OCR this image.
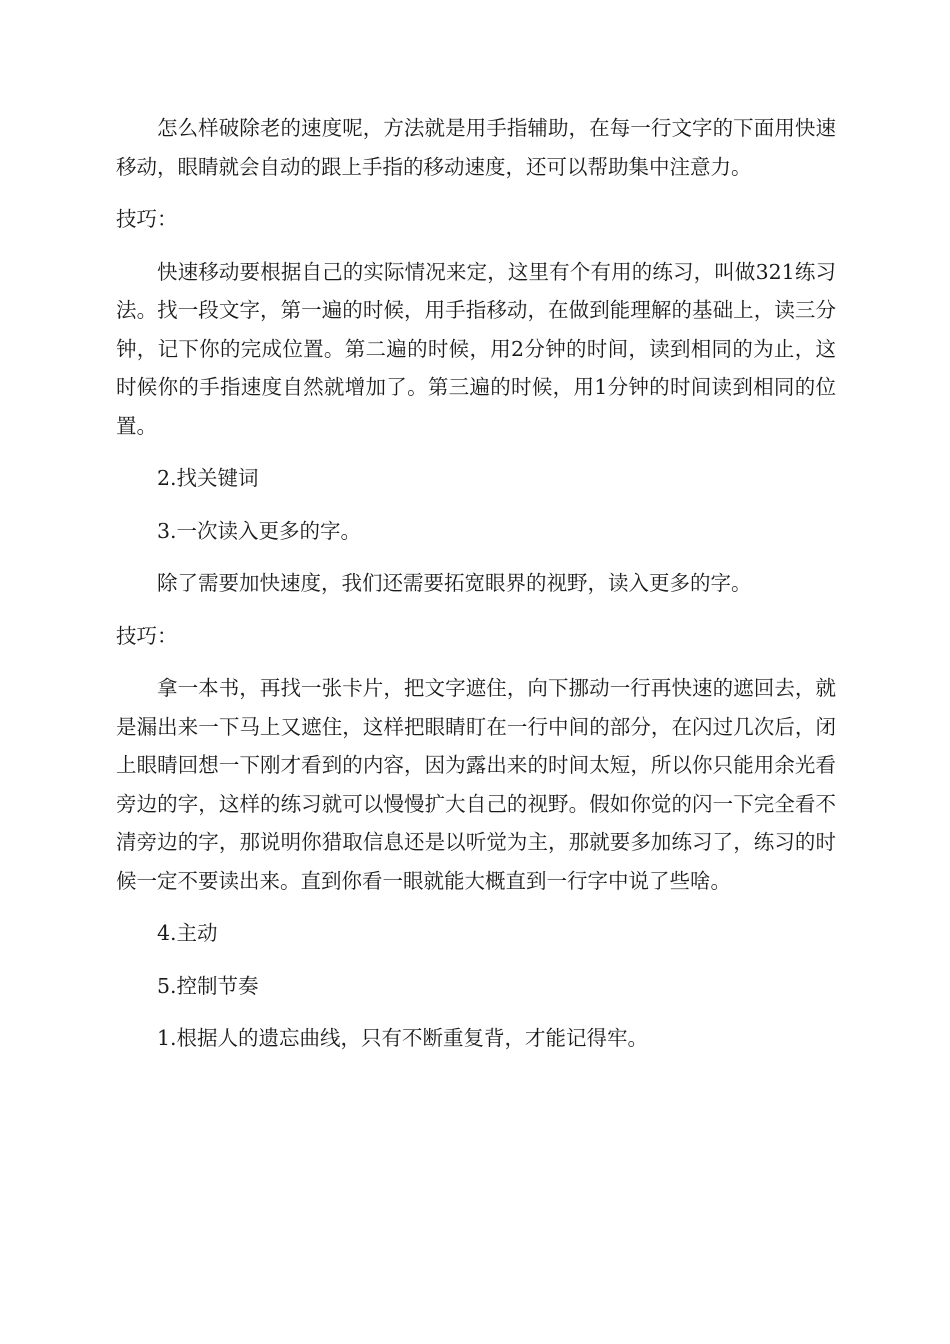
怎么样破除老的速度呢，方法就是用手指辅助，在每一行文字的下面用快速移动，眼睛就会自动的跟上手指的移动速度，还可以帮助集中注意力。

技巧：

快速移动要根据自己的实际情况来定，这里有个有用的练习，叫做321练习法。找一段文字，第一遍的时候，用手指移动，在做到能理解的基础上，读三分钟，记下你的完成位置。第二遍的时候，用2分钟的时间，读到相同的为止，这时候你的手指速度自然就增加了。第三遍的时候，用1分钟的时间读到相同的位置。

2.找关键词

3.一次读入更多的字。

除了需要加快速度，我们还需要拓宽眼界的视野，读入更多的字。

技巧：

拿一本书，再找一张卡片，把文字遮住，向下挪动一行再快速的遮回去，就是漏出来一下马上又遮住，这样把眼睛盯在一行中间的部分，在闪过几次后，闭上眼睛回想一下刚才看到的内容，因为露出来的时间太短，所以你只能用余光看旁边的字，这样的练习就可以慢慢扩大自己的视野。假如你觉的闪一下完全看不清旁边的字，那说明你猎取信息还是以听觉为主，那就要多加练习了，练习的时候一定不要读出来。直到你看一眼就能大概直到一行字中说了些啥。

4.主动

5.控制节奏

1.根据人的遗忘曲线，只有不断重复背，才能记得牢。
